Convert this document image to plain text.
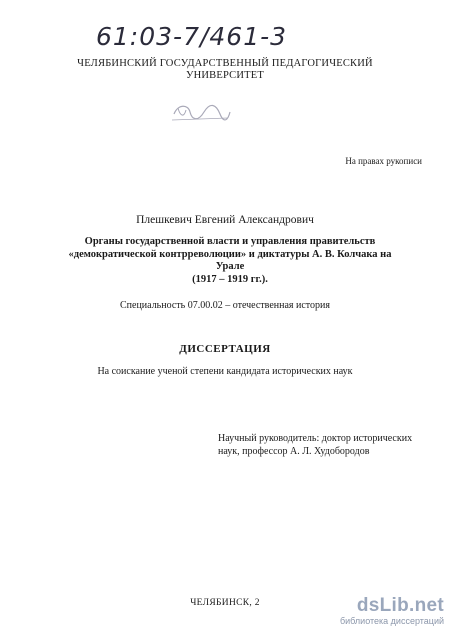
61:03-7/461-3
ЧЕЛЯБИНСКИЙ ГОСУДАРСТВЕННЫЙ ПЕДАГОГИЧЕСКИЙ
УНИВЕРСИТЕТ
На правах рукописи
Плешкевич Евгений Александрович
Органы государственной власти и управления правительств
«демократической контрреволюции» и диктатуры А. В. Колчака на Урале
(1917 – 1919 гг.).
Специальность 07.00.02 – отечественная история
ДИССЕРТАЦИЯ
На соискание ученой степени кандидата исторических наук
Научный руководитель: доктор исторических
наук, профессор А. Л. Худобородов
ЧЕЛЯБИНСК, 2	dsLib.net
библиотека диссертаций
